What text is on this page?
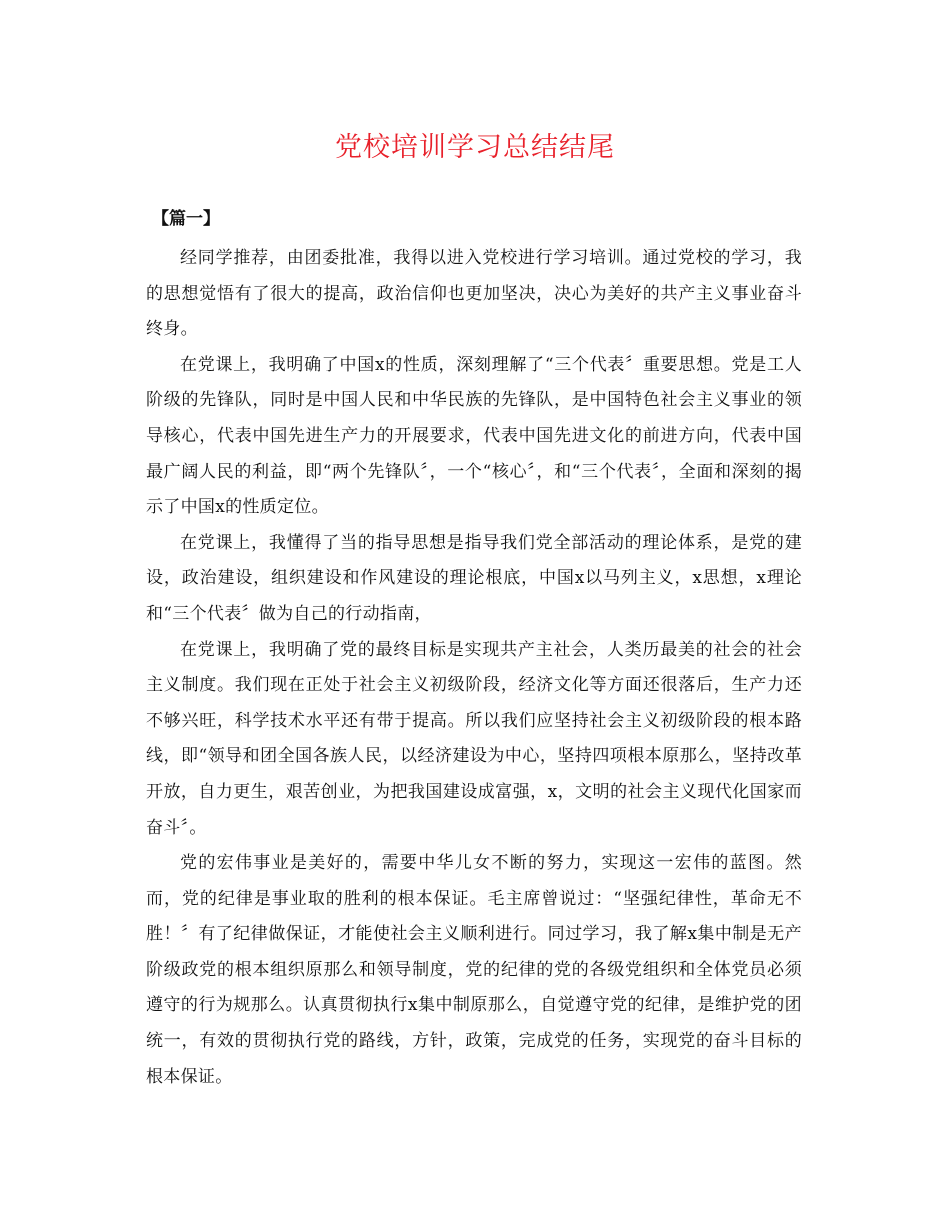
党校培训学习总结结尾
【篇一】

经同学推荐，由团委批准，我得以进入党校进行学习培训。通过党校的学习，我的思想觉悟有了很大的提高，政治信仰也更加坚决，决心为美好的共产主义事业奋斗终身。

在党课上，我明确了中国x的性质，深刻理解了“三个代表〞重要思想。党是工人阶级的先锋队，同时是中国人民和中华民族的先锋队，是中国特色社会主义事业的领导核心，代表中国先进生产力的开展要求，代表中国先进文化的前进方向，代表中国最广阔人民的利益，即“两个先锋队〞，一个“核心〞，和“三个代表〞，全面和深刻的揭示了中国x的性质定位。

在党课上，我懂得了当的指导思想是指导我们党全部活动的理论体系，是党的建设，政治建设，组织建设和作风建设的理论根底，中国x以马列主义，x思想，x理论和“三个代表〞做为自己的行动指南，

在党课上，我明确了党的最终目标是实现共产主社会，人类历最美的社会的社会主义制度。我们现在正处于社会主义初级阶段，经济文化等方面还很落后，生产力还不够兴旺，科学技术水平还有带于提高。所以我们应坚持社会主义初级阶段的根本路线，即“领导和团全国各族人民，以经济建设为中心，坚持四项根本原那么，坚持改革开放，自力更生，艰苦创业，为把我国建设成富强，x，文明的社会主义现代化国家而奋斗〞。

党的宏伟事业是美好的，需要中华儿女不断的努力，实现这一宏伟的蓝图。然而，党的纪律是事业取的胜利的根本保证。毛主席曾说过：“坚强纪律性，革命无不胜！〞有了纪律做保证，才能使社会主义顺利进行。同过学习，我了解x集中制是无产阶级政党的根本组织原那么和领导制度，党的纪律的党的各级党组织和全体党员必须遵守的行为规那么。认真贯彻执行x集中制原那么，自觉遵守党的纪律，是维护党的团统一，有效的贯彻执行党的路线，方针，政策，完成党的任务，实现党的奋斗目标的根本保证。
